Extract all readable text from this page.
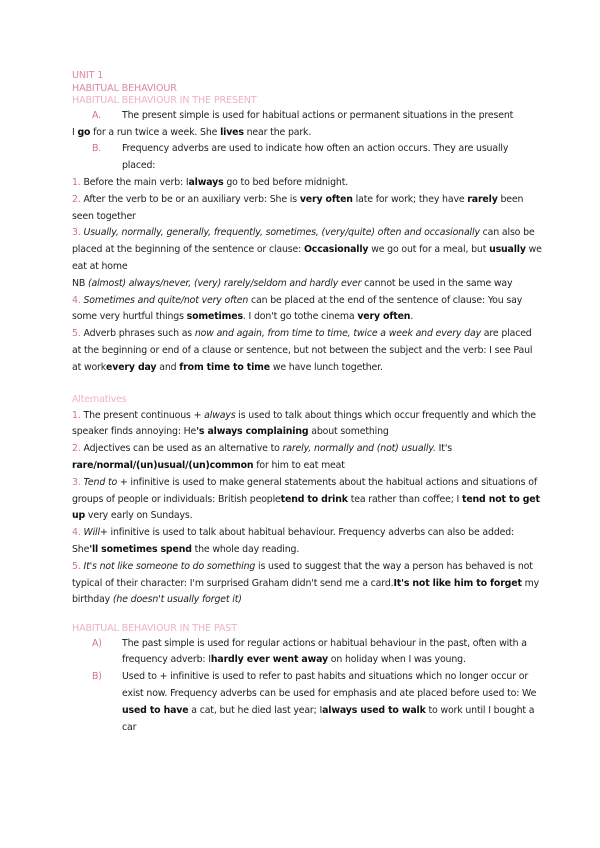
UNIT 1
HABITUAL BEHAVIOUR
HABITUAL BEHAVIOUR IN THE PRESENT

A. The present simple is used for habitual actions or permanent situations in the present

I go for a run twice a week. She lives near the park.

B. Frequency adverbs are used to indicate how often an action occurs. They are usually placed:

1. Before the main verb: Ialways go to bed before midnight.

2. After the verb to be or an auxiliary verb: She is very often late for work; they have rarely been seen together

3. Usually, normally, generally, frequently, sometimes, (very/quite) often and occasionally can also be placed at the beginning of the sentence or clause: Occasionally we go out for a meal, but usually we eat at home

NB (almost) always/never, (very) rarely/seldom and hardly ever cannot be used in the same way

4. Sometimes and quite/not very often can be placed at the end of the sentence of clause: You say some very hurtful things sometimes. I don't go tothe cinema very often.

5. Adverb phrases such as now and again, from time to time, twice a week and every day are placed at the beginning or end of a clause or sentence, but not between the subject and the verb: I see Paul at workevery day and from time to time we have lunch together.

Alternatives

1. The present continuous + always is used to talk about things which occur frequently and which the speaker finds annoying: He's always complaining about something

2. Adjectives can be used as an alternative to rarely, normally and (not) usually. It's rare/normal/(un)usual/(un)common for him to eat meat

3. Tend to + infinitive is used to make general statements about the habitual actions and situations of groups of people or individuals: British peopletend to drink tea rather than coffee; I tend not to get up very early on Sundays.

4. Will+ infinitive is used to talk about habitual behaviour. Frequency adverbs can also be added: She'll sometimes spend the whole day reading.

5. It's not like someone to do something is used to suggest that the way a person has behaved is not typical of their character: I'm surprised Graham didn't send me a card.It's not like him to forget my birthday (he doesn't usually forget it)

HABITUAL BEHAVIOUR IN THE PAST

A) The past simple is used for regular actions or habitual behaviour in the past, often with a frequency adverb: Ihardly ever went away on holiday when I was young.

B) Used to + infinitive is used to refer to past habits and situations which no longer occur or exist now. Frequency adverbs can be used for emphasis and ate placed before used to: We used to have a cat, but he died last year; Ialways used to walk to work until I bought a car
